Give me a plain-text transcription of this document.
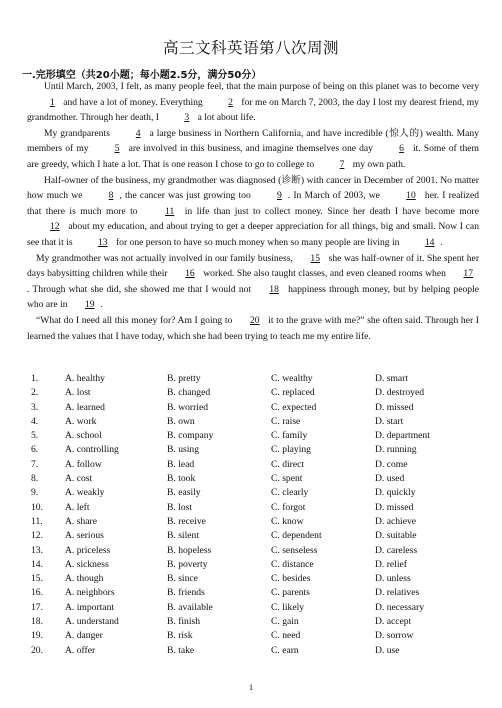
高三文科英语第八次周测
一.完形填空（共20小题；每小题2.5分，满分50分）

Until March, 2003, I felt, as many people feel, that the main purpose of being on this planet was to become very 1 and have a lot of money. Everything 2 for me on March 7, 2003, the day I lost my dearest friend, my grandmother. Through her death, I 3 a lot about life.

My grandparents 4 a large business in Northern California, and have incredible (惊人的) wealth. Many members of my 5 are involved in this business, and imagine themselves one day 6 it. Some of them are greedy, which I hate a lot. That is one reason I chose to go to college to 7 my own path.

Half-owner of the business, my grandmother was diagnosed (诊断) with cancer in December of 2001. No matter how much we 8 , the cancer was just growing too 9 . In March of 2003, we 10 her. I realized that there is much more to 11 in life than just to collect money. Since her death I have become more 12 about my education, and about trying to get a deeper appreciation for all things, big and small. Now I can see that it is 13 for one person to have so much money when so many people are living in 14 .

My grandmother was not actually involved in our family business, 15 she was half-owner of it. She spent her days babysitting children while their 16 worked. She also taught classes, and even cleaned rooms when 17. Through what she did, she showed me that I would not 18 happiness through money, but by helping people who are in 19 .

“What do I need all this money for? Am I going to 20 it to the grave with me?” she often said. Through her I learned the values that I have today, which she had been trying to teach me my entire life.

1.	A. healthy	B. pretty	C. wealthy	D. smart
2.	A. lost	B. changed	C. replaced	D. destroyed
3.	A. learned	B. worried	C. expected	D. missed
4.	A. work	B. own	C. raise	D. start
5.	A. school	B. company	C. family	D. department
6.	A. controlling	B. using	C. playing	D. running
7.	A. follow	B. lead	C. direct	D. come
8.	A. cost	B. took	C. spent	D. used
9.	A. weakly	B. easily	C. clearly	D. quickly
10.	A. left	B. lost	C. forgot	D. missed
11.	A. share	B. receive	C. know	D. achieve
12.	A. serious	B. silent	C. dependent	D. suitable
13.	A. priceless	B. hopeless	C. senseless	D. careless
14.	A. sickness	B. poverty	C. distance	D. relief
15.	A. though	B. since	C. besides	D. unless
16.	A. neighbors	B. friends	C. parents	D. relatives
17.	A. important	B. available	C. likely	D. necessary
18.	A. understand	B. finish	C. gain	D. accept
19.	A. danger	B. risk	C. need	D. sorrow
20.	A. offer	B. take	C. earn	D. use
1
